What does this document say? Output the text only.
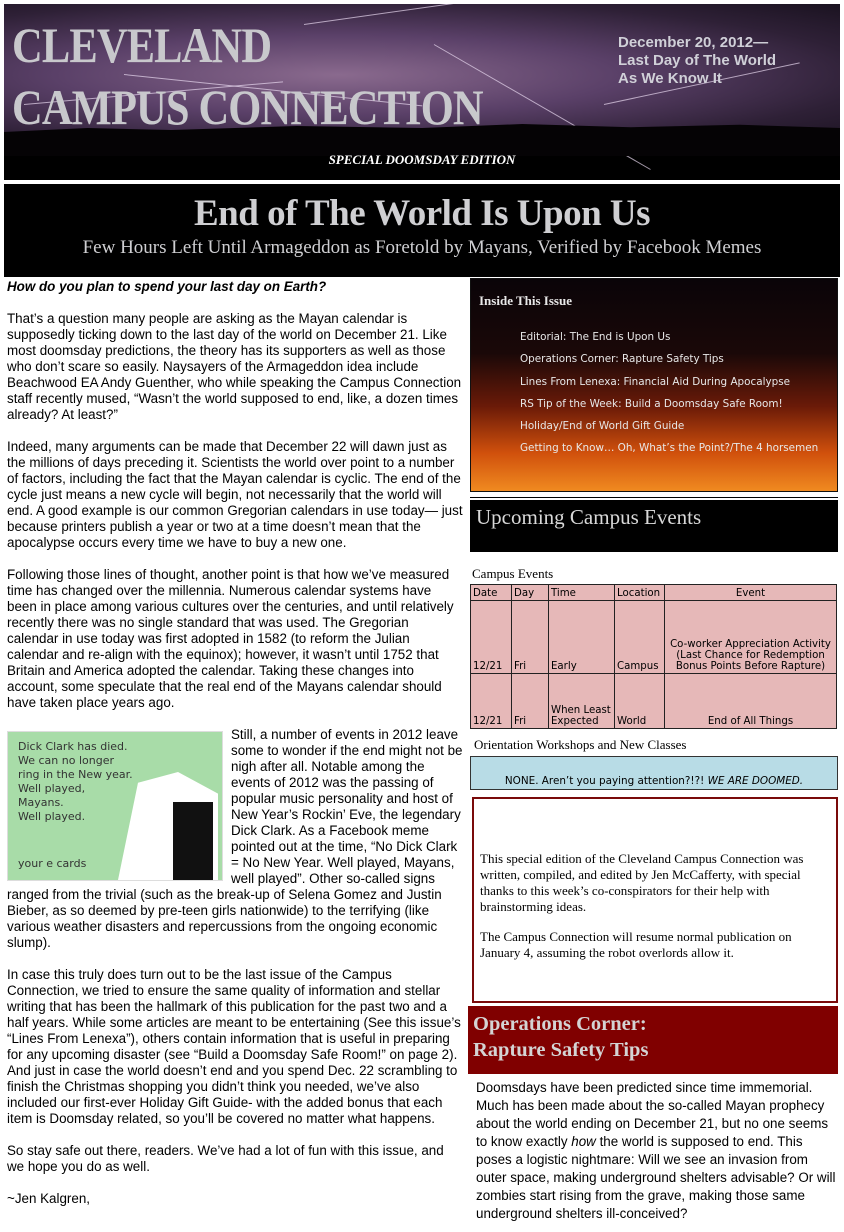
CLEVELAND
CAMPUS CONNECTION
December 20, 2012—
Last Day of The World
As We Know It
SPECIAL DOOMSDAY EDITION
End of The World Is Upon Us
Few Hours Left Until Armageddon as Foretold by Mayans, Verified by Facebook Memes

How do you plan to spend your last day on Earth?

That’s a question many people are asking as the Mayan calendar is supposedly ticking down to the last day of the world on December 21. Like most doomsday predictions, the theory has its supporters as well as those who don’t scare so easily. Naysayers of the Armageddon idea include Beachwood EA Andy Guenther, who while speaking the Campus Connection staff recently mused, “Wasn’t the world supposed to end, like, a dozen times already? At least?”

Indeed, many arguments can be made that December 22 will dawn just as the millions of days preceding it. Scientists the world over point to a number of factors, including the fact that the Mayan calendar is cyclic. The end of the cycle just means a new cycle will begin, not necessarily that the world will end. A good example is our common Gregorian calendars in use today— just because printers publish a year or two at a time doesn’t mean that the apocalypse occurs every time we have to buy a new one.

Following those lines of thought, another point is that how we’ve measured time has changed over the millennia. Numerous calendar systems have been in place among various cultures over the centuries, and until relatively recently there was no single standard that was used. The Gregorian calendar in use today was first adopted in 1582 (to reform the Julian calendar and re-align with the equinox); however, it wasn’t until 1752 that Britain and America adopted the calendar. Taking these changes into account, some speculate that the real end of the Mayans calendar should have taken place years ago.

Dick Clark has died.
We can no longer
ring in the New year.
Well played,
Mayans.
Well played.
your e cards

Still, a number of events in 2012 leave some to wonder if the end might not be nigh after all. Notable among the events of 2012 was the passing of popular music personality and host of New Year’s Rockin’ Eve, the legendary Dick Clark. As a Facebook meme pointed out at the time, “No Dick Clark = No New Year. Well played, Mayans, well played”. Other so-called signs ranged from the trivial (such as the break-up of Selena Gomez and Justin Bieber, as so deemed by pre-teen girls nationwide) to the terrifying (like various weather disasters and repercussions from the ongoing economic slump).

In case this truly does turn out to be the last issue of the Campus Connection, we tried to ensure the same quality of information and stellar writing that has been the hallmark of this publication for the past two and a half years. While some articles are meant to be entertaining (See this issue’s “Lines From Lenexa”), others contain information that is useful in preparing for any upcoming disaster (see “Build a Doomsday Safe Room!” on page 2). And just in case the world doesn’t end and you spend Dec. 22 scrambling to finish the Christmas shopping you didn’t think you needed, we’ve also included our first-ever Holiday Gift Guide- with the added bonus that each item is Doomsday related, so you’ll be covered no matter what happens.

So stay safe out there, readers. We’ve had a lot of fun with this issue, and we hope you do as well.

~Jen Kalgren,

Inside This Issue
Editorial: The End is Upon Us
Operations Corner: Rapture Safety Tips
Lines From Lenexa: Financial Aid During Apocalypse
RS Tip of the Week: Build a Doomsday Safe Room!
Holiday/End of World Gift Guide
Getting to Know… Oh, What’s the Point?/The 4 horsemen
Upcoming Campus Events
Campus Events
Date	Day	Time	Location	Event
12/21	Fri	Early	Campus	Co-worker Appreciation Activity (Last Chance for Redemption Bonus Points Before Rapture)
12/21	Fri	When Least Expected	World	End of All Things
Orientation Workshops and New Classes
NONE. Aren’t you paying attention?!?! WE ARE DOOMED.

This special edition of the Cleveland Campus Connection was written, compiled, and edited by Jen McCafferty, with special thanks to this week’s co-conspirators for their help with brainstorming ideas.

The Campus Connection will resume normal publication on January 4, assuming the robot overlords allow it.

Operations Corner:
Rapture Safety Tips
Doomsdays have been predicted since time immemorial. Much has been made about the so-called Mayan prophecy about the world ending on December 21, but no one seems to know exactly how the world is supposed to end. This poses a logistic nightmare: Will we see an invasion from outer space, making underground shelters advisable? Or will zombies start rising from the grave, making those same underground shelters ill-conceived?
